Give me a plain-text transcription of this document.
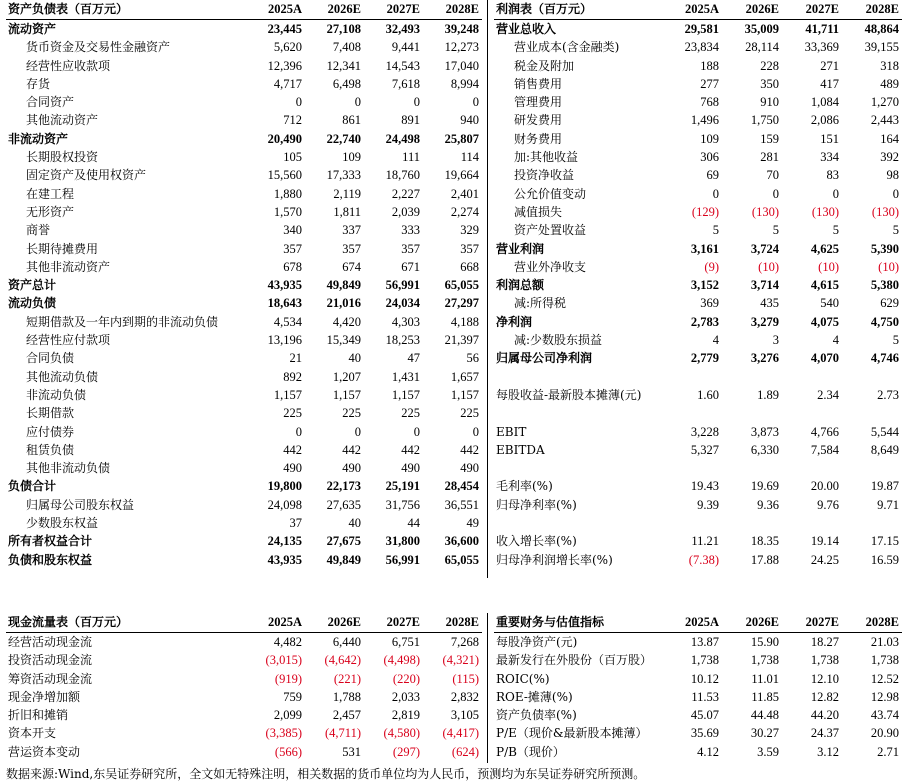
资产负债表（百万元）	2025A	2026E	2027E	2028E
流动资产	23,445	27,108	32,493	39,248
货币资金及交易性金融资产	5,620	7,408	9,441	12,273
经营性应收款项	12,396	12,341	14,543	17,040
存货	4,717	6,498	7,618	8,994
合同资产	0	0	0	0
其他流动资产	712	861	891	940
非流动资产	20,490	22,740	24,498	25,807
长期股权投资	105	109	111	114
固定资产及使用权资产	15,560	17,333	18,760	19,664
在建工程	1,880	2,119	2,227	2,401
无形资产	1,570	1,811	2,039	2,274
商誉	340	337	333	329
长期待摊费用	357	357	357	357
其他非流动资产	678	674	671	668
资产总计	43,935	49,849	56,991	65,055
流动负债	18,643	21,016	24,034	27,297
短期借款及一年内到期的非流动负债	4,534	4,420	4,303	4,188
经营性应付款项	13,196	15,349	18,253	21,397
合同负债	21	40	47	56
其他流动负债	892	1,207	1,431	1,657
非流动负债	1,157	1,157	1,157	1,157
长期借款	225	225	225	225
应付债券	0	0	0	0
租赁负债	442	442	442	442
其他非流动负债	490	490	490	490
负债合计	19,800	22,173	25,191	28,454
归属母公司股东权益	24,098	27,635	31,756	36,551
少数股东权益	37	40	44	49
所有者权益合计	24,135	27,675	31,800	36,600
负债和股东权益	43,935	49,849	56,991	65,055
利润表（百万元）	2025A	2026E	2027E	2028E
营业总收入	29,581	35,009	41,711	48,864
营业成本(含金融类)	23,834	28,114	33,369	39,155
税金及附加	188	228	271	318
销售费用	277	350	417	489
管理费用	768	910	1,084	1,270
研发费用	1,496	1,750	2,086	2,443
财务费用	109	159	151	164
加:其他收益	306	281	334	392
投资净收益	69	70	83	98
公允价值变动	0	0	0	0
减值损失	(129)	(130)	(130)	(130)
资产处置收益	5	5	5	5
营业利润	3,161	3,724	4,625	5,390
营业外净收支	(9)	(10)	(10)	(10)
利润总额	3,152	3,714	4,615	5,380
减:所得税	369	435	540	629
净利润	2,783	3,279	4,075	4,750
减:少数股东损益	4	3	4	5
归属母公司净利润	2,779	3,276	4,070	4,746

每股收益-最新股本摊薄(元)	1.60	1.89	2.34	2.73

EBIT	3,228	3,873	4,766	5,544
EBITDA	5,327	6,330	7,584	8,649

毛利率(%)	19.43	19.69	20.00	19.87
归母净利率(%)	9.39	9.36	9.76	9.71

收入增长率(%)	11.21	18.35	19.14	17.15
归母净利润增长率(%)	(7.38)	17.88	24.25	16.59
现金流量表（百万元）	2025A	2026E	2027E	2028E
经营活动现金流	4,482	6,440	6,751	7,268
投资活动现金流	(3,015)	(4,642)	(4,498)	(4,321)
筹资活动现金流	(919)	(221)	(220)	(115)
现金净增加额	759	1,788	2,033	2,832
折旧和摊销	2,099	2,457	2,819	3,105
资本开支	(3,385)	(4,711)	(4,580)	(4,417)
营运资本变动	(566)	531	(297)	(624)
重要财务与估值指标	2025A	2026E	2027E	2028E
每股净资产(元)	13.87	15.90	18.27	21.03
最新发行在外股份（百万股）	1,738	1,738	1,738	1,738
ROIC(%)	10.12	11.01	12.10	12.52
ROE-摊薄(%)	11.53	11.85	12.82	12.98
资产负债率(%)	45.07	44.48	44.20	43.74
P/E（现价&最新股本摊薄）	35.69	30.27	24.37	20.90
P/B（现价）	4.12	3.59	3.12	2.71
数据来源:Wind,东吴证券研究所，全文如无特殊注明，相关数据的货币单位均为人民币，预测均为东吴证券研究所预测。
